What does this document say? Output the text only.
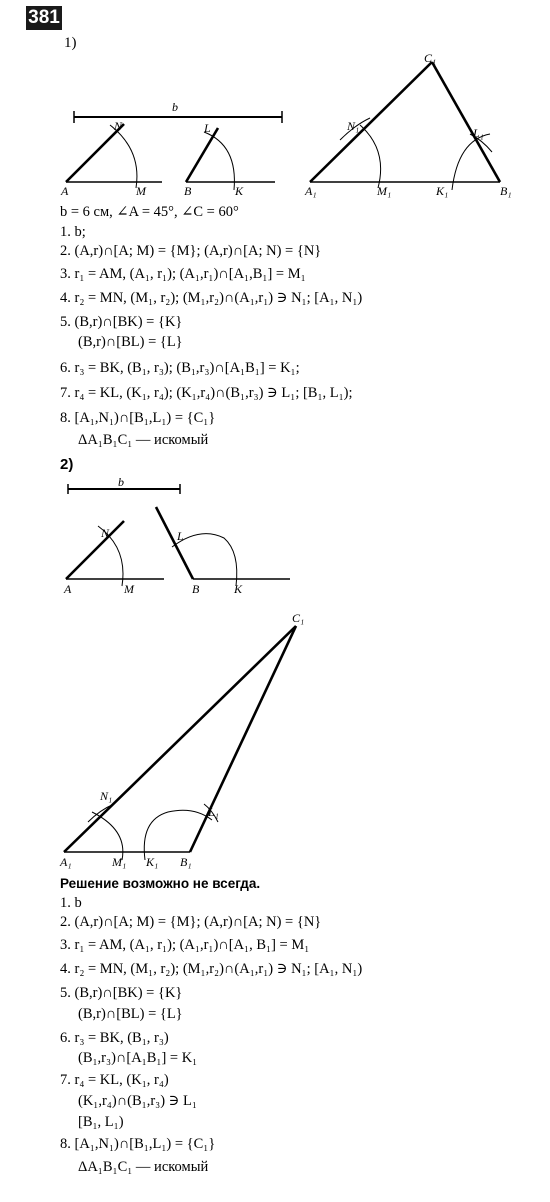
381
1)
b
N
A	M
L
B	K
C₁
N₁	L₁
A₁	M₁	K₁	B₁
b = 6 см, ∠A = 45°, ∠C = 60°
1. b;
2. (A,r)∩[A; M) = {M}; (A,r)∩[A; N) = {N}
3. r₁ = AM, (A₁, r₁); (A₁,r₁)∩[A₁,B₁] = M₁
4. r₂ = MN, (M₁, r₂); (M₁,r₂)∩(A₁,r₁) ∋ N₁; [A₁, N₁)
5. (B,r)∩[BK) = {K}
(B,r)∩[BL) = {L}
6. r₃ = BK, (B₁, r₃); (B₁,r₃)∩[A₁B₁] = K₁;
7. r₄ = KL, (K₁, r₄); (K₁,r₄)∩(B₁,r₃) ∋ L₁; [B₁, L₁);
8. [A₁,N₁)∩[B₁,L₁) = {C₁}
ΔA₁B₁C₁ — искомый
2)
b
N
A	M
L
B	K
C₁
N₁
L₁
A₁	M₁ K₁ B₁
Решение возможно не всегда.
1. b
2. (A,r)∩[A; M) = {M}; (A,r)∩[A; N) = {N}
3. r₁ = AM, (A₁, r₁); (A₁,r₁)∩[A₁, B₁] = M₁
4. r₂ = MN, (M₁, r₂); (M₁,r₂)∩(A₁,r₁) ∋ N₁; [A₁, N₁)
5. (B,r)∩[BK) = {K}
(B,r)∩[BL) = {L}
6. r₃ = BK, (B₁, r₃)
(B₁,r₃)∩[A₁B₁] = K₁
7. r₄ = KL, (K₁, r₄)
(K₁,r₄)∩(B₁,r₃) ∋ L₁
[B₁, L₁)
8. [A₁,N₁)∩[B₁,L₁) = {C₁}
ΔA₁B₁C₁ — искомый
